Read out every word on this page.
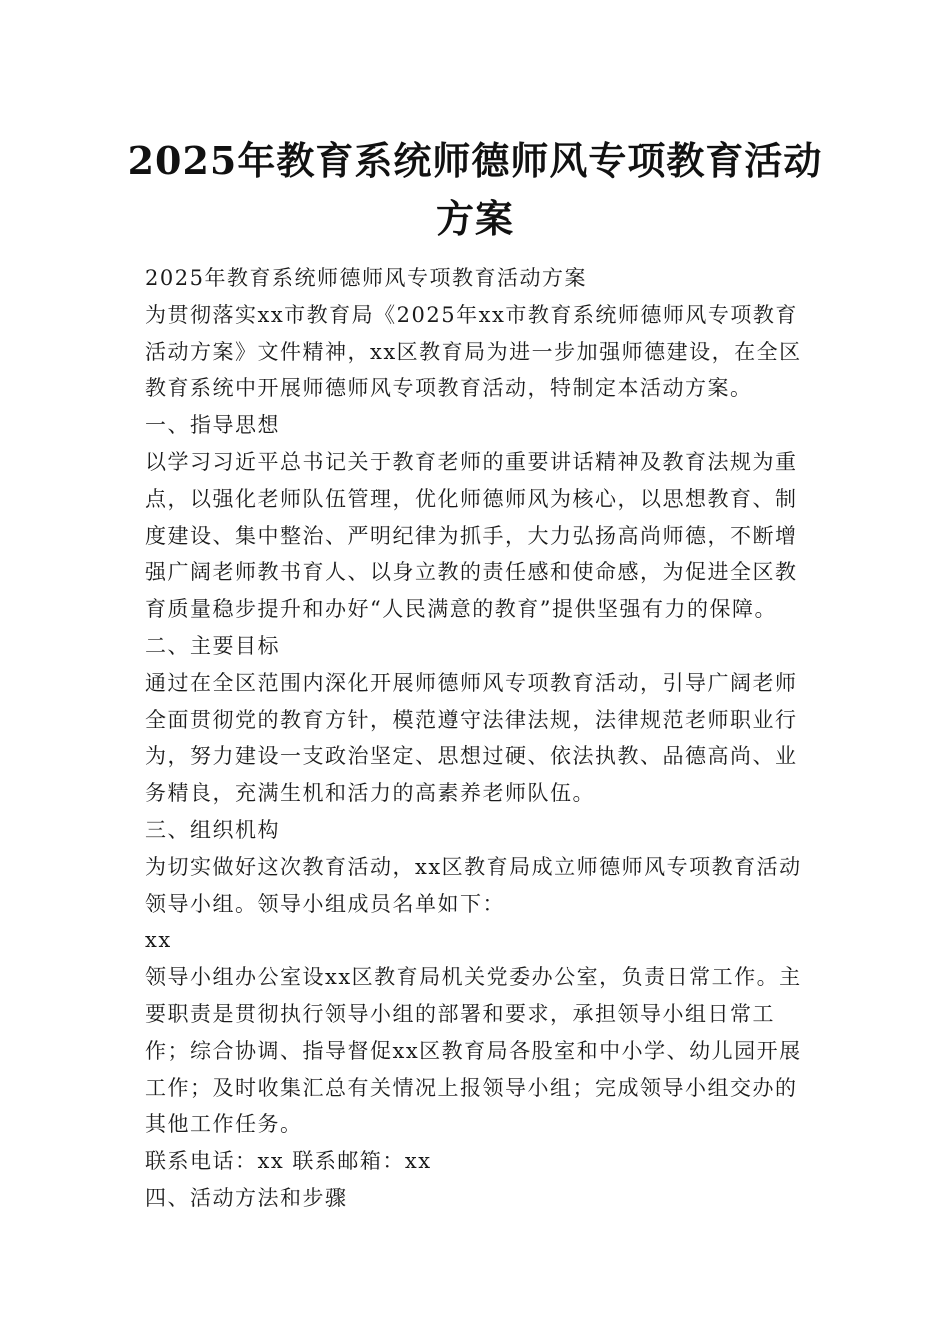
2025年教育系统师德师风专项教育活动方案

2025年教育系统师德师风专项教育活动方案

为贯彻落实xx市教育局《2025年xx市教育系统师德师风专项教育活动方案》文件精神，xx区教育局为进一步加强师德建设，在全区教育系统中开展师德师风专项教育活动，特制定本活动方案。

一、指导思想

以学习习近平总书记关于教育老师的重要讲话精神及教育法规为重点，以强化老师队伍管理，优化师德师风为核心，以思想教育、制度建设、集中整治、严明纪律为抓手，大力弘扬高尚师德，不断增强广阔老师教书育人、以身立教的责任感和使命感，为促进全区教育质量稳步提升和办好“人民满意的教育”提供坚强有力的保障。

二、主要目标

通过在全区范围内深化开展师德师风专项教育活动，引导广阔老师全面贯彻党的教育方针，模范遵守法律法规，法律规范老师职业行为，努力建设一支政治坚定、思想过硬、依法执教、品德高尚、业务精良，充满生机和活力的高素养老师队伍。

三、组织机构

为切实做好这次教育活动，xx区教育局成立师德师风专项教育活动领导小组。领导小组成员名单如下：

xx

领导小组办公室设xx区教育局机关党委办公室，负责日常工作。主要职责是贯彻执行领导小组的部署和要求，承担领导小组日常工作；综合协调、指导督促xx区教育局各股室和中小学、幼儿园开展工作；及时收集汇总有关情况上报领导小组；完成领导小组交办的其他工作任务。

联系电话：xx 联系邮箱：xx

四、活动方法和步骤
